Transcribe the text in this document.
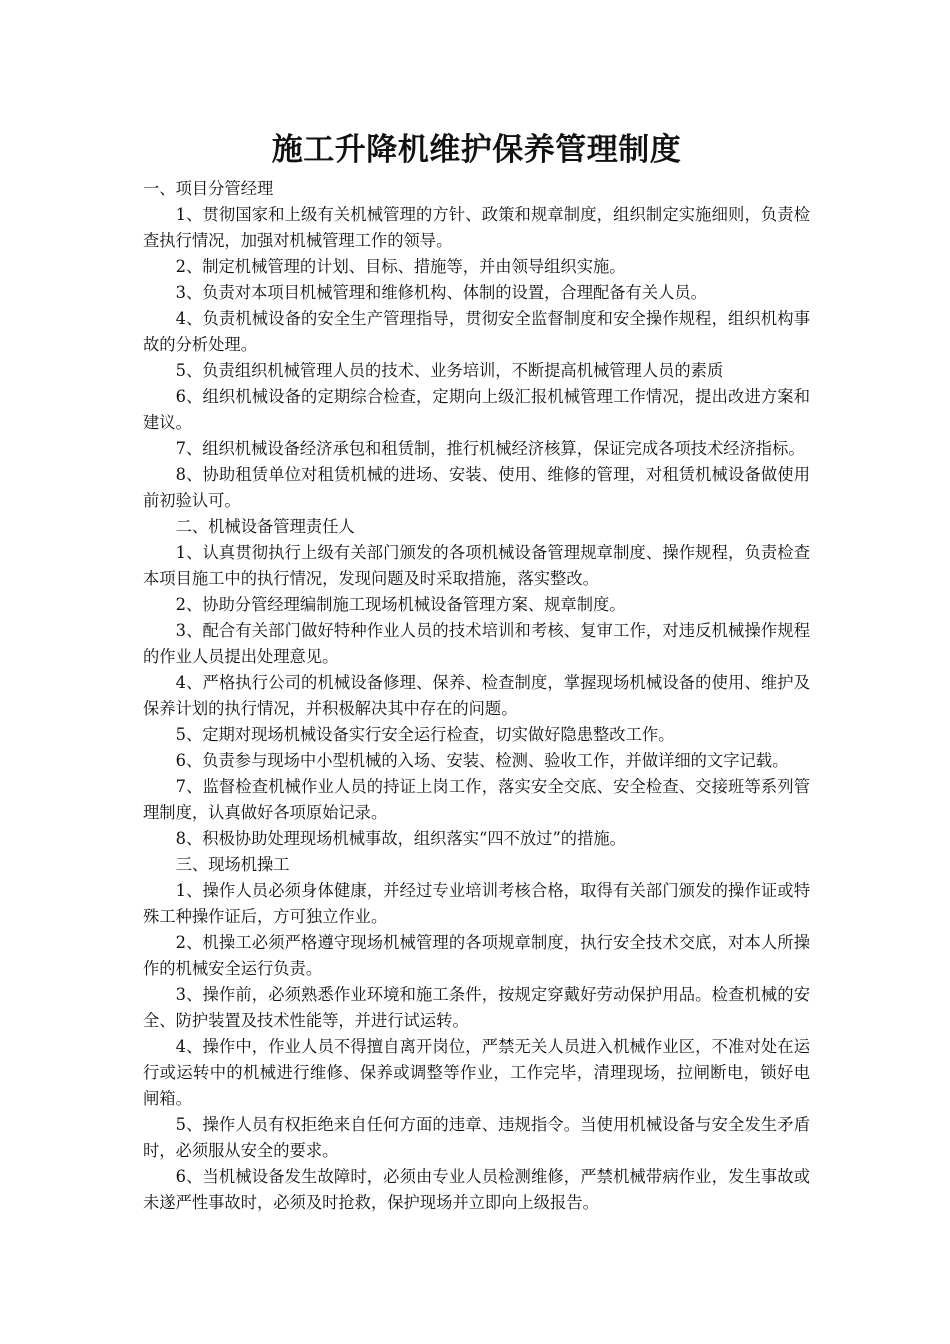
施工升降机维护保养管理制度

一、项目分管经理

1、贯彻国家和上级有关机械管理的方针、政策和规章制度，组织制定实施细则，负责检查执行情况，加强对机械管理工作的领导。

2、制定机械管理的计划、目标、措施等，并由领导组织实施。

3、负责对本项目机械管理和维修机构、体制的设置，合理配备有关人员。

4、负责机械设备的安全生产管理指导，贯彻安全监督制度和安全操作规程，组织机构事故的分析处理。

5、负责组织机械管理人员的技术、业务培训，不断提高机械管理人员的素质

6、组织机械设备的定期综合检查，定期向上级汇报机械管理工作情况，提出改进方案和建议。

7、组织机械设备经济承包和租赁制，推行机械经济核算，保证完成各项技术经济指标。

8、协助租赁单位对租赁机械的进场、安装、使用、维修的管理，对租赁机械设备做使用前初验认可。

二、机械设备管理责任人

1、认真贯彻执行上级有关部门颁发的各项机械设备管理规章制度、操作规程，负责检查本项目施工中的执行情况，发现问题及时采取措施，落实整改。

2、协助分管经理编制施工现场机械设备管理方案、规章制度。

3、配合有关部门做好特种作业人员的技术培训和考核、复审工作，对违反机械操作规程的作业人员提出处理意见。

4、严格执行公司的机械设备修理、保养、检查制度，掌握现场机械设备的使用、维护及保养计划的执行情况，并积极解决其中存在的问题。

5、定期对现场机械设备实行安全运行检查，切实做好隐患整改工作。

6、负责参与现场中小型机械的入场、安装、检测、验收工作，并做详细的文字记载。

7、监督检查机械作业人员的持证上岗工作，落实安全交底、安全检查、交接班等系列管理制度，认真做好各项原始记录。

8、积极协助处理现场机械事故，组织落实“四不放过”的措施。

三、现场机操工

1、操作人员必须身体健康，并经过专业培训考核合格，取得有关部门颁发的操作证或特殊工种操作证后，方可独立作业。

2、机操工必须严格遵守现场机械管理的各项规章制度，执行安全技术交底，对本人所操作的机械安全运行负责。

3、操作前，必须熟悉作业环境和施工条件，按规定穿戴好劳动保护用品。检查机械的安全、防护装置及技术性能等，并进行试运转。

4、操作中，作业人员不得擅自离开岗位，严禁无关人员进入机械作业区，不准对处在运行或运转中的机械进行维修、保养或调整等作业，工作完毕，清理现场，拉闸断电，锁好电闸箱。

5、操作人员有权拒绝来自任何方面的违章、违规指令。当使用机械设备与安全发生矛盾时，必须服从安全的要求。

6、当机械设备发生故障时，必须由专业人员检测维修，严禁机械带病作业，发生事故或未遂严性事故时，必须及时抢救，保护现场并立即向上级报告。
